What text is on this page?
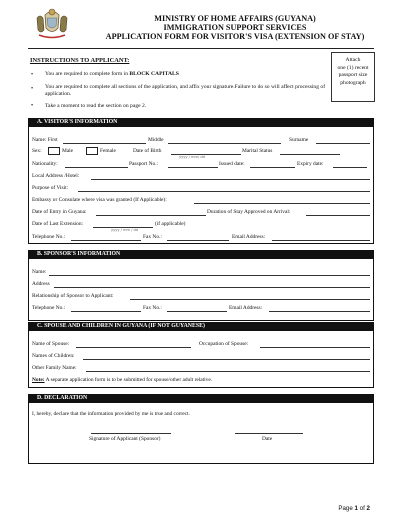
MINISTRY OF HOME AFFAIRS (GUYANA)
IMMIGRATION SUPPORT SERVICES
APPLICATION FORM FOR VISITOR'S VISA (EXTENSION OF STAY)
Attach
one (1) recent
passport size
photograph
INSTRUCTIONS TO APPLICANT:
• You are required to complete form in BLOCK CAPITALS
• You are required to complete all sections of the application, and affix your signature.Failure to do so will affect processing of application.
• Take a moment to read the section on page 2.
A. VISITOR'S INFORMATION
Name: First	Middle	Surname
Sex:	Male	Female	Date of Birth
yyyy / mm/ dd
Marital Status
Nationality:	Passport No.:	Issued date:	Expiry date:
Local Address /Hotel:
Purpose of Visit:
Embassy or Consulate where visa was granted (If Applicable):
Date of Entry in Guyana:	Duration of Stay Approved on Arrival:
Date of Last Extension:	(if applicable)
yyyy / mm / dd
Telephone No.:	Fax No.:	Email Address:
B. SPONSOR'S INFORMATION
Name:
Address
Relationship of Sponsor to Applicant:
Telephone No.:	Fax No.:	Email Address:
C. SPOUSE AND CHILDREN IN GUYANA (IF NOT GUYANESE)
Name of Spouse:	Occupation of Spouse:
Names of Children:
Other Family Name:
Note: A separate application form is to be submitted for spouse/other adult relative.
D. DECLARATION
I, hereby, declare that the information provided by me is true and correct.
Signature of Applicant (Sponsor)	Date
Page 1 of 2
